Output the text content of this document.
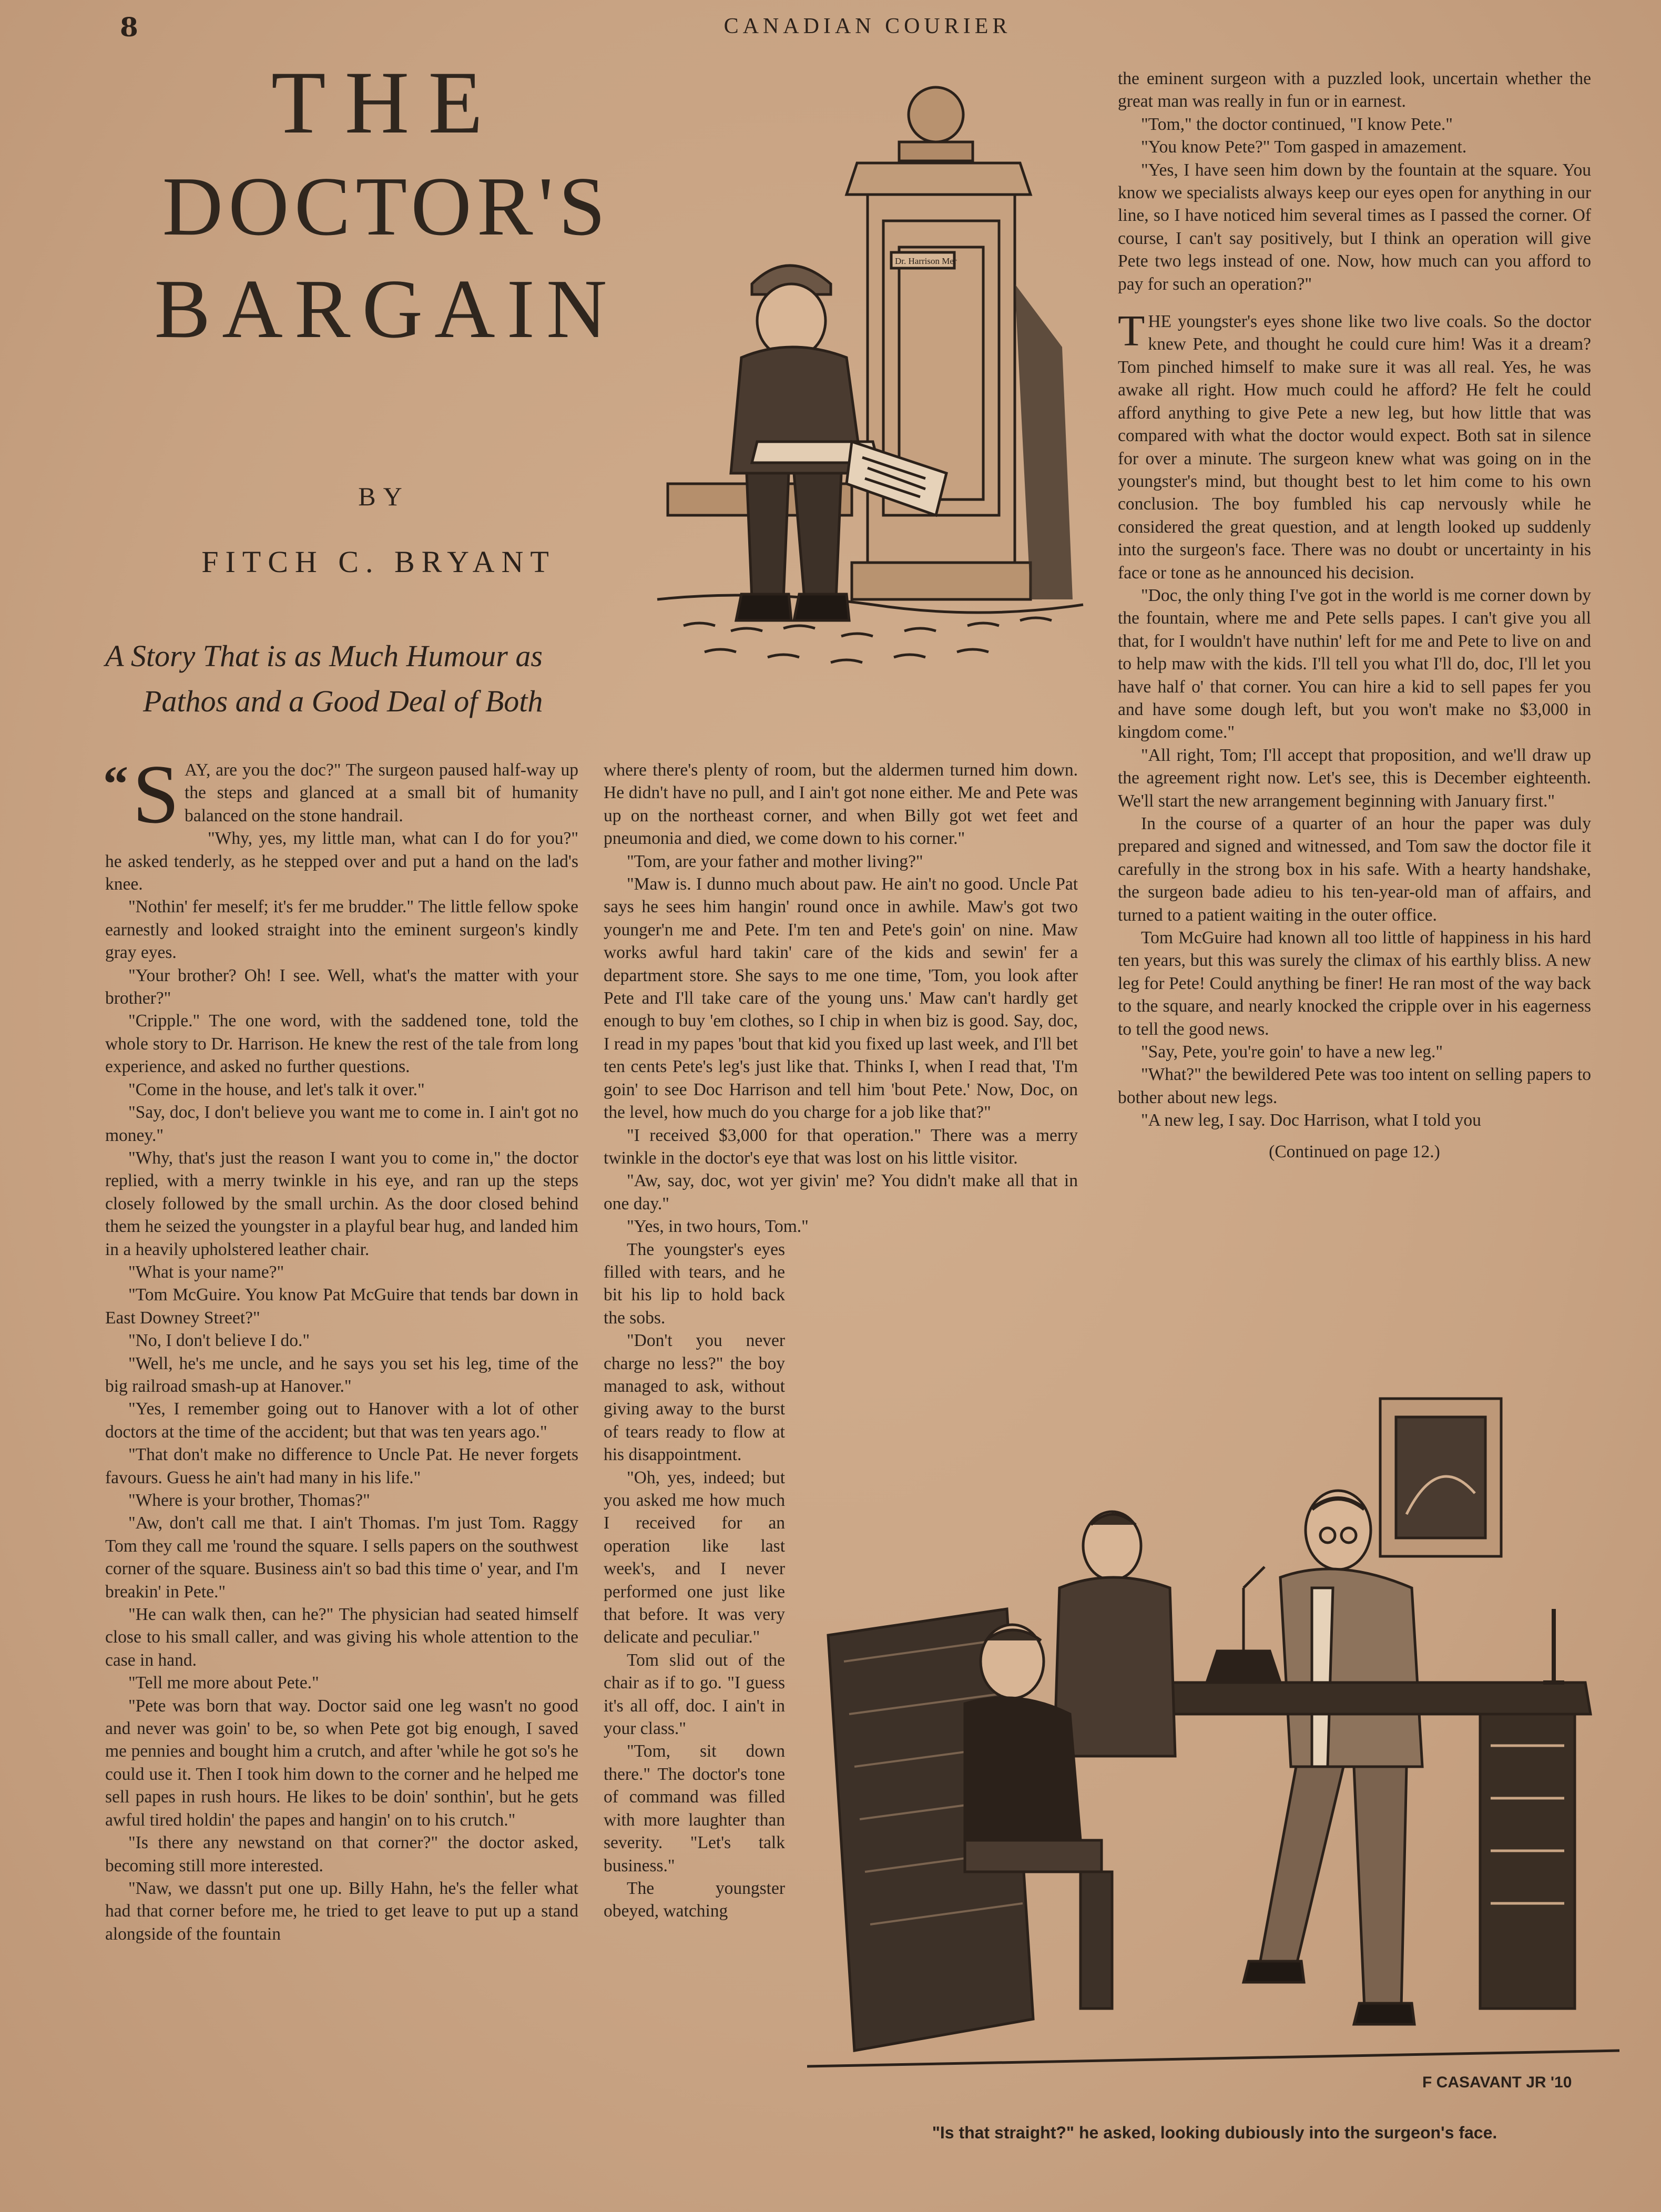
8	CANADIAN COURIER
THE
DOCTOR'S
BARGAIN
BY
FITCH C. BRYANT
A Story That is as Much Humour as
Pathos and a Good Deal of Both
Dr. Harrison Mer

“ S AY, are you the doc?" The surgeon paused half-way up the steps and glanced at a small bit of humanity balanced on the stone handrail.

"Why, yes, my little man, what can I do for you?" he asked tenderly, as he stepped over and put a hand on the lad's knee.

"Nothin' fer meself; it's fer me brudder." The little fellow spoke earnestly and looked straight into the eminent surgeon's kindly gray eyes.

"Your brother? Oh! I see. Well, what's the matter with your brother?"

"Cripple." The one word, with the saddened tone, told the whole story to Dr. Harrison. He knew the rest of the tale from long experience, and asked no further questions.

"Come in the house, and let's talk it over."

"Say, doc, I don't believe you want me to come in. I ain't got no money."

"Why, that's just the reason I want you to come in," the doctor replied, with a merry twinkle in his eye, and ran up the steps closely followed by the small urchin. As the door closed behind them he seized the youngster in a playful bear hug, and landed him in a heavily upholstered leather chair.

"What is your name?"

"Tom McGuire. You know Pat McGuire that tends bar down in East Downey Street?"

"No, I don't believe I do."

"Well, he's me uncle, and he says you set his leg, time of the big railroad smash-up at Hanover."

"Yes, I remember going out to Hanover with a lot of other doctors at the time of the accident; but that was ten years ago."

"That don't make no difference to Uncle Pat. He never forgets favours. Guess he ain't had many in his life."

"Where is your brother, Thomas?"

"Aw, don't call me that. I ain't Thomas. I'm just Tom. Raggy Tom they call me 'round the square. I sells papers on the southwest corner of the square. Business ain't so bad this time o' year, and I'm breakin' in Pete."

"He can walk then, can he?" The physician had seated himself close to his small caller, and was giving his whole attention to the case in hand.

"Tell me more about Pete."

"Pete was born that way. Doctor said one leg wasn't no good and never was goin' to be, so when Pete got big enough, I saved me pennies and bought him a crutch, and after 'while he got so's he could use it. Then I took him down to the corner and he helped me sell papes in rush hours. He likes to be doin' sonthin', but he gets awful tired holdin' the papes and hangin' on to his crutch."

"Is there any newstand on that corner?" the doctor asked, becoming still more interested.

"Naw, we dassn't put one up. Billy Hahn, he's the feller what had that corner before me, he tried to get leave to put up a stand alongside of the fountain

where there's plenty of room, but the aldermen turned him down. He didn't have no pull, and I ain't got none either. Me and Pete was up on the northeast corner, and when Billy got wet feet and pneumonia and died, we come down to his corner."

"Tom, are your father and mother living?"

"Maw is. I dunno much about paw. He ain't no good. Uncle Pat says he sees him hangin' round once in awhile. Maw's got two younger'n me and Pete. I'm ten and Pete's goin' on nine. Maw works awful hard takin' care of the kids and sewin' fer a department store. She says to me one time, 'Tom, you look after Pete and I'll take care of the young uns.' Maw can't hardly get enough to buy 'em clothes, so I chip in when biz is good. Say, doc, I read in my papes 'bout that kid you fixed up last week, and I'll bet ten cents Pete's leg's just like that. Thinks I, when I read that, 'I'm goin' to see Doc Harrison and tell him 'bout Pete.' Now, Doc, on the level, how much do you charge for a job like that?"

"I received $3,000 for that operation." There was a merry twinkle in the doctor's eye that was lost on his little visitor.

"Aw, say, doc, wot yer givin' me? You didn't make all that in one day."

"Yes, in two hours, Tom."

The youngster's eyes filled with tears, and he bit his lip to hold back the sobs.

"Don't you never charge no less?" the boy managed to ask, without giving away to the burst of tears ready to flow at his disappointment.

"Oh, yes, indeed; but you asked me how much I received for an operation like last week's, and I never performed one just like that before. It was very delicate and peculiar."

Tom slid out of the chair as if to go. "I guess it's all off, doc. I ain't in your class."

"Tom, sit down there." The doctor's tone of command was filled with more laughter than severity. "Let's talk business."

The youngster obeyed, watching

the eminent surgeon with a puzzled look, uncertain whether the great man was really in fun or in earnest.

"Tom," the doctor continued, "I know Pete."

"You know Pete?" Tom gasped in amazement.

"Yes, I have seen him down by the fountain at the square. You know we specialists always keep our eyes open for anything in our line, so I have noticed him several times as I passed the corner. Of course, I can't say positively, but I think an operation will give Pete two legs instead of one. Now, how much can you afford to pay for such an operation?"

THE youngster's eyes shone like two live coals. So the doctor knew Pete, and thought he could cure him! Was it a dream? Tom pinched himself to make sure it was all real. Yes, he was awake all right. How much could he afford? He felt he could afford anything to give Pete a new leg, but how little that was compared with what the doctor would expect. Both sat in silence for over a minute. The surgeon knew what was going on in the youngster's mind, but thought best to let him come to his own conclusion. The boy fumbled his cap nervously while he considered the great question, and at length looked up suddenly into the surgeon's face. There was no doubt or uncertainty in his face or tone as he announced his decision.

"Doc, the only thing I've got in the world is me corner down by the fountain, where me and Pete sells papes. I can't give you all that, for I wouldn't have nuthin' left for me and Pete to live on and to help maw with the kids. I'll tell you what I'll do, doc, I'll let you have half o' that corner. You can hire a kid to sell papes fer you and have some dough left, but you won't make no $3,000 in kingdom come."

"All right, Tom; I'll accept that proposition, and we'll draw up the agreement right now. Let's see, this is December eighteenth. We'll start the new arrangement beginning with January first."

In the course of a quarter of an hour the paper was duly prepared and signed and witnessed, and Tom saw the doctor file it carefully in the strong box in his safe. With a hearty handshake, the surgeon bade adieu to his ten-year-old man of affairs, and turned to a patient waiting in the outer office.

Tom McGuire had known all too little of happiness in his hard ten years, but this was surely the climax of his earthly bliss. A new leg for Pete! Could anything be finer! He ran most of the way back to the square, and nearly knocked the cripple over in his eagerness to tell the good news.

"Say, Pete, you're goin' to have a new leg."

"What?" the bewildered Pete was too intent on selling papers to bother about new legs.

"A new leg, I say. Doc Harrison, what I told you

(Continued on page 12.)

F CASAVANT JR '10
"Is that straight?" he asked, looking dubiously into the surgeon's face.
